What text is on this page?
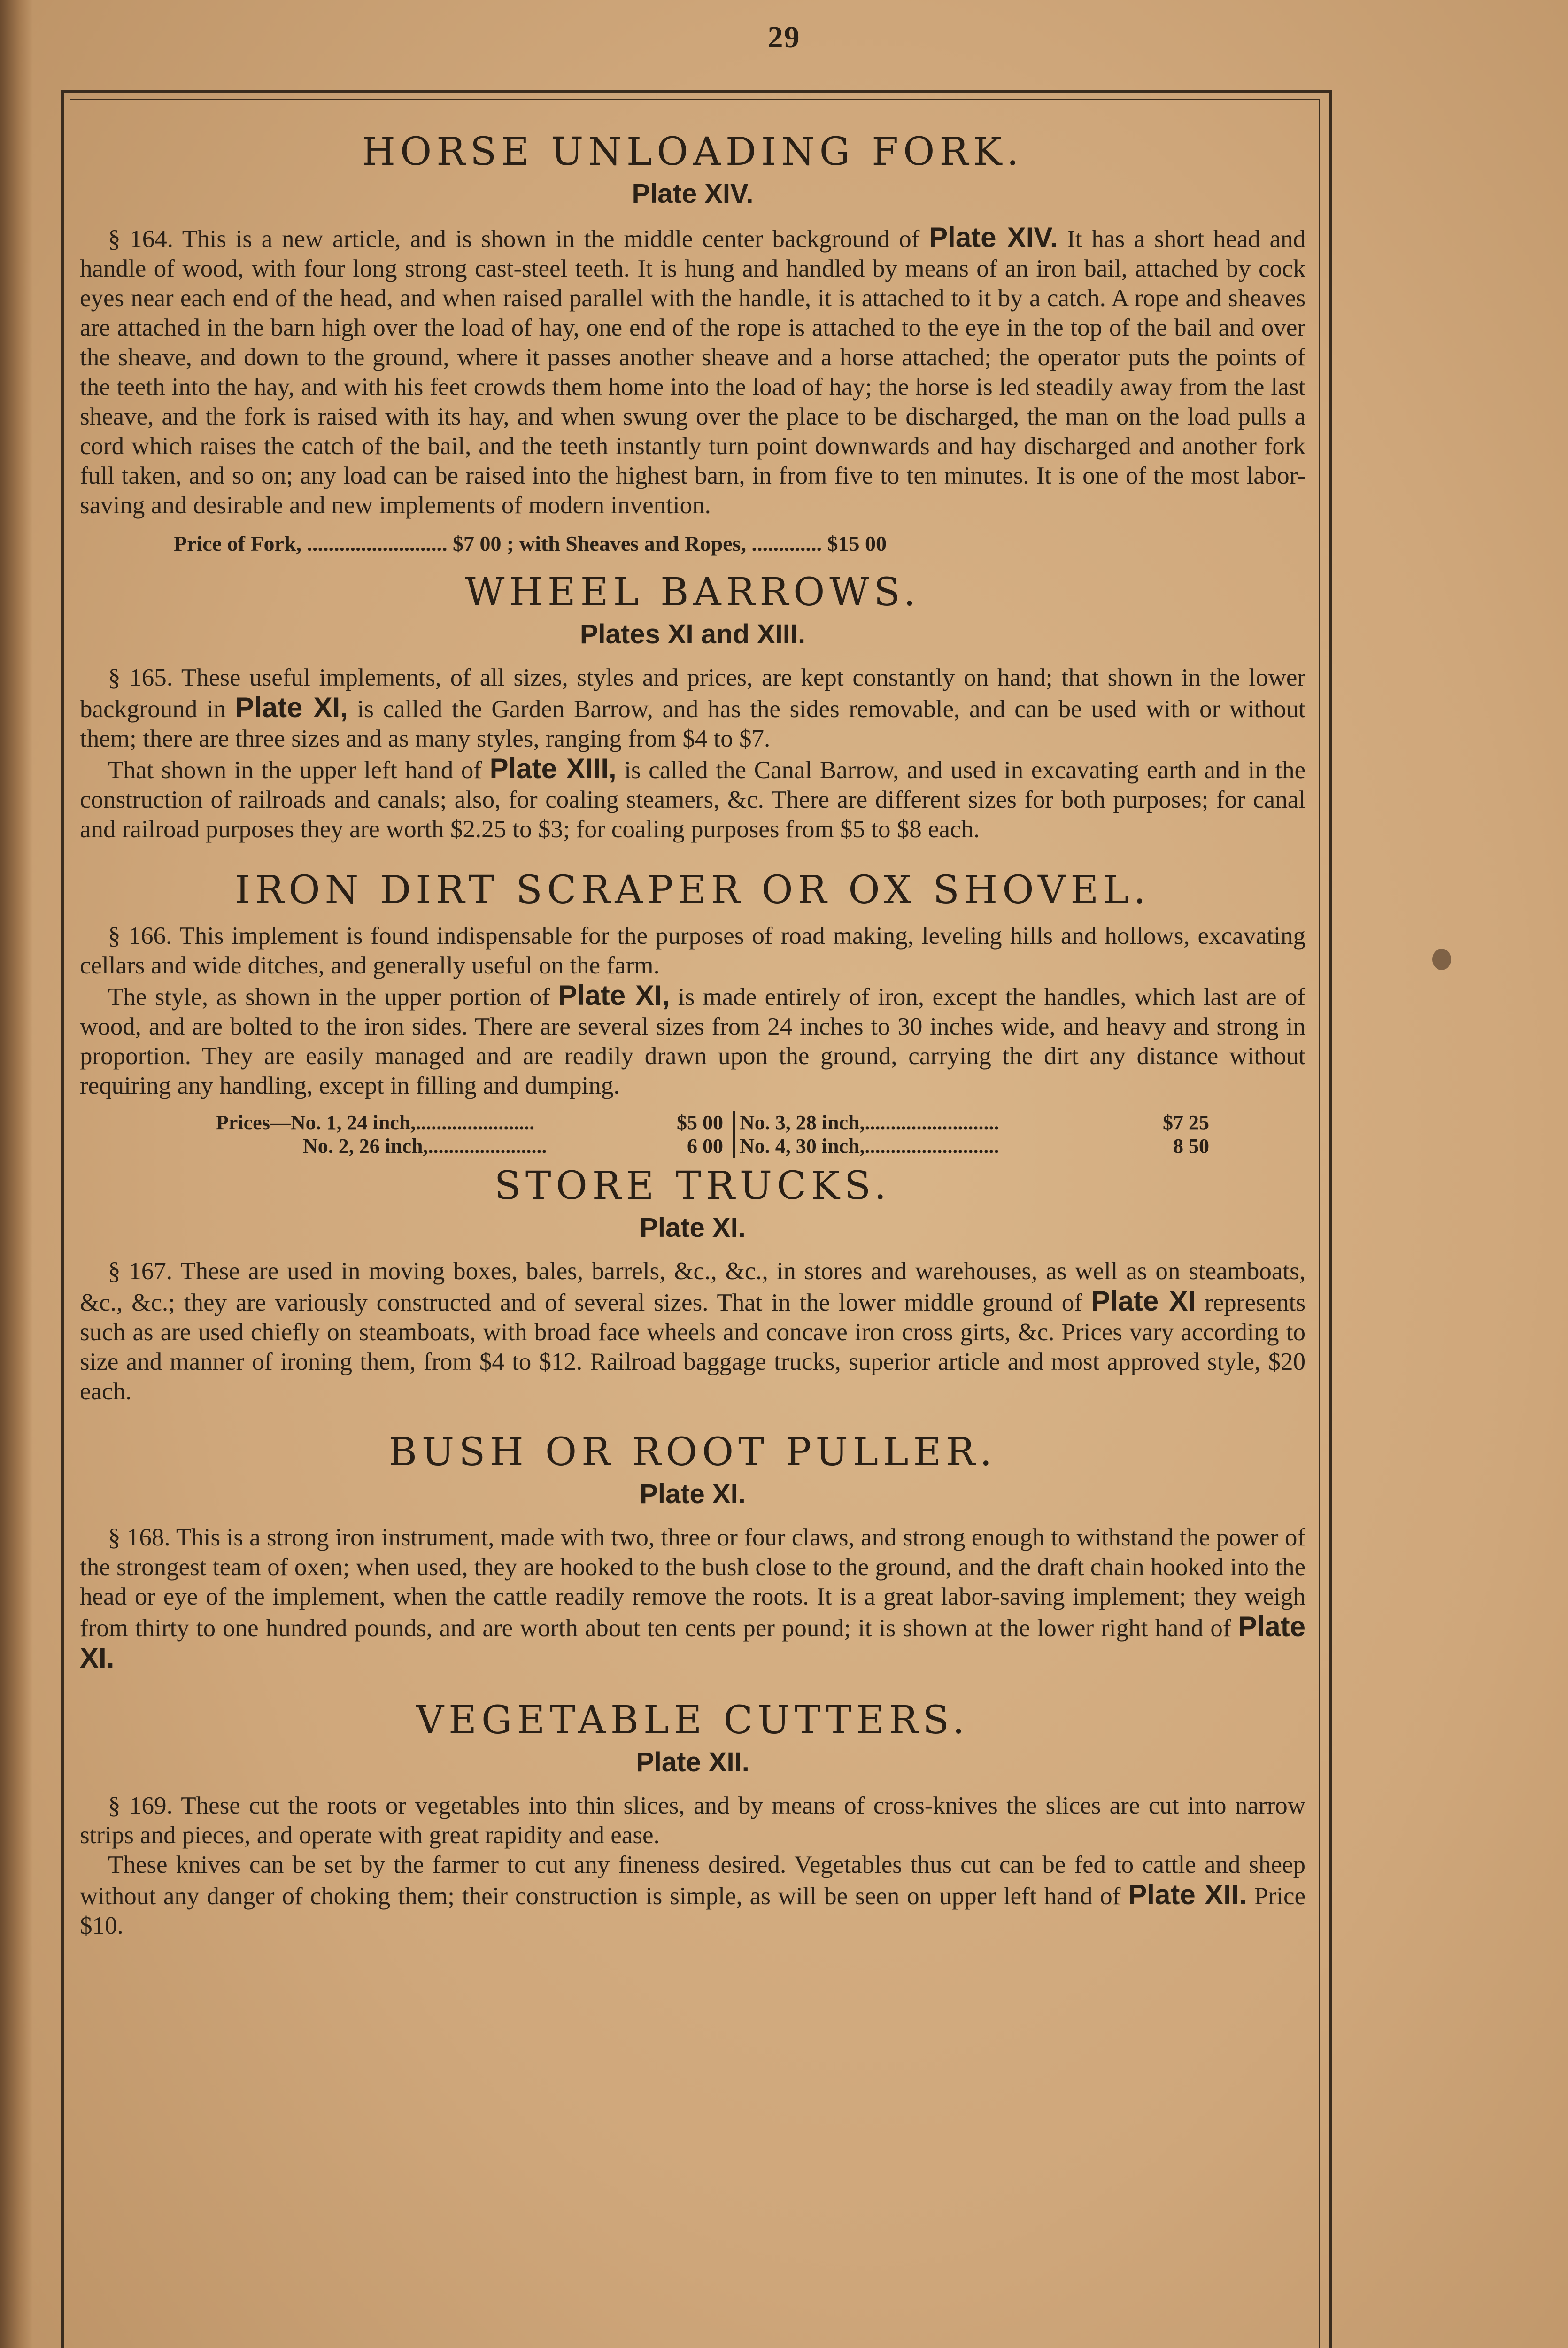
29
HORSE UNLOADING FORK.
Plate XIV.

§ 164. This is a new article, and is shown in the middle center background of Plate XIV. It has a short head and handle of wood, with four long strong cast-steel teeth. It is hung and handled by means of an iron bail, attached by cock eyes near each end of the head, and when raised parallel with the handle, it is attached to it by a catch. A rope and sheaves are attached in the barn high over the load of hay, one end of the rope is attached to the eye in the top of the bail and over the sheave, and down to the ground, where it passes another sheave and a horse attached; the operator puts the points of the teeth into the hay, and with his feet crowds them home into the load of hay; the horse is led steadily away from the last sheave, and the fork is raised with its hay, and when swung over the place to be discharged, the man on the load pulls a cord which raises the catch of the bail, and the teeth instantly turn point downwards and hay discharged and another fork full taken, and so on; any load can be raised into the highest barn, in from five to ten minutes. It is one of the most labor-saving and desirable and new implements of modern invention.

Price of Fork, .......................... $7 00 ; with Sheaves and Ropes, ............. $15 00
WHEEL BARROWS.
Plates XI and XIII.

§ 165. These useful implements, of all sizes, styles and prices, are kept constantly on hand; that shown in the lower background in Plate XI, is called the Garden Barrow, and has the sides removable, and can be used with or without them; there are three sizes and as many styles, ranging from $4 to $7.

That shown in the upper left hand of Plate XIII, is called the Canal Barrow, and used in excavating earth and in the construction of railroads and canals; also, for coaling steamers, &c. There are different sizes for both purposes; for canal and railroad purposes they are worth $2.25 to $3; for coaling purposes from $5 to $8 each.

IRON DIRT SCRAPER OR OX SHOVEL.

§ 166. This implement is found indispensable for the purposes of road making, leveling hills and hollows, excavating cellars and wide ditches, and generally useful on the farm.

The style, as shown in the upper portion of Plate XI, is made entirely of iron, except the handles, which last are of wood, and are bolted to the iron sides. There are several sizes from 24 inches to 30 inches wide, and heavy and strong in proportion. They are easily managed and are readily drawn upon the ground, carrying the dirt any distance without requiring any handling, except in filling and dumping.

Prices—No. 1, 24 inch,.......................	$5 00
No. 2, 26 inch,.......................	6 00
No. 3, 28 inch,..........................	$7 25
No. 4, 30 inch,..........................	8 50
STORE TRUCKS.
Plate XI.

§ 167. These are used in moving boxes, bales, barrels, &c., &c., in stores and warehouses, as well as on steamboats, &c., &c.; they are variously constructed and of several sizes. That in the lower middle ground of Plate XI represents such as are used chiefly on steamboats, with broad face wheels and concave iron cross girts, &c. Prices vary according to size and manner of ironing them, from $4 to $12. Railroad baggage trucks, superior article and most approved style, $20 each.

BUSH OR ROOT PULLER.
Plate XI.

§ 168. This is a strong iron instrument, made with two, three or four claws, and strong enough to withstand the power of the strongest team of oxen; when used, they are hooked to the bush close to the ground, and the draft chain hooked into the head or eye of the implement, when the cattle readily remove the roots. It is a great labor-saving implement; they weigh from thirty to one hundred pounds, and are worth about ten cents per pound; it is shown at the lower right hand of Plate XI.

VEGETABLE CUTTERS.
Plate XII.

§ 169. These cut the roots or vegetables into thin slices, and by means of cross-knives the slices are cut into narrow strips and pieces, and operate with great rapidity and ease.

These knives can be set by the farmer to cut any fineness desired. Vegetables thus cut can be fed to cattle and sheep without any danger of choking them; their construction is simple, as will be seen on upper left hand of Plate XII. Price $10.
